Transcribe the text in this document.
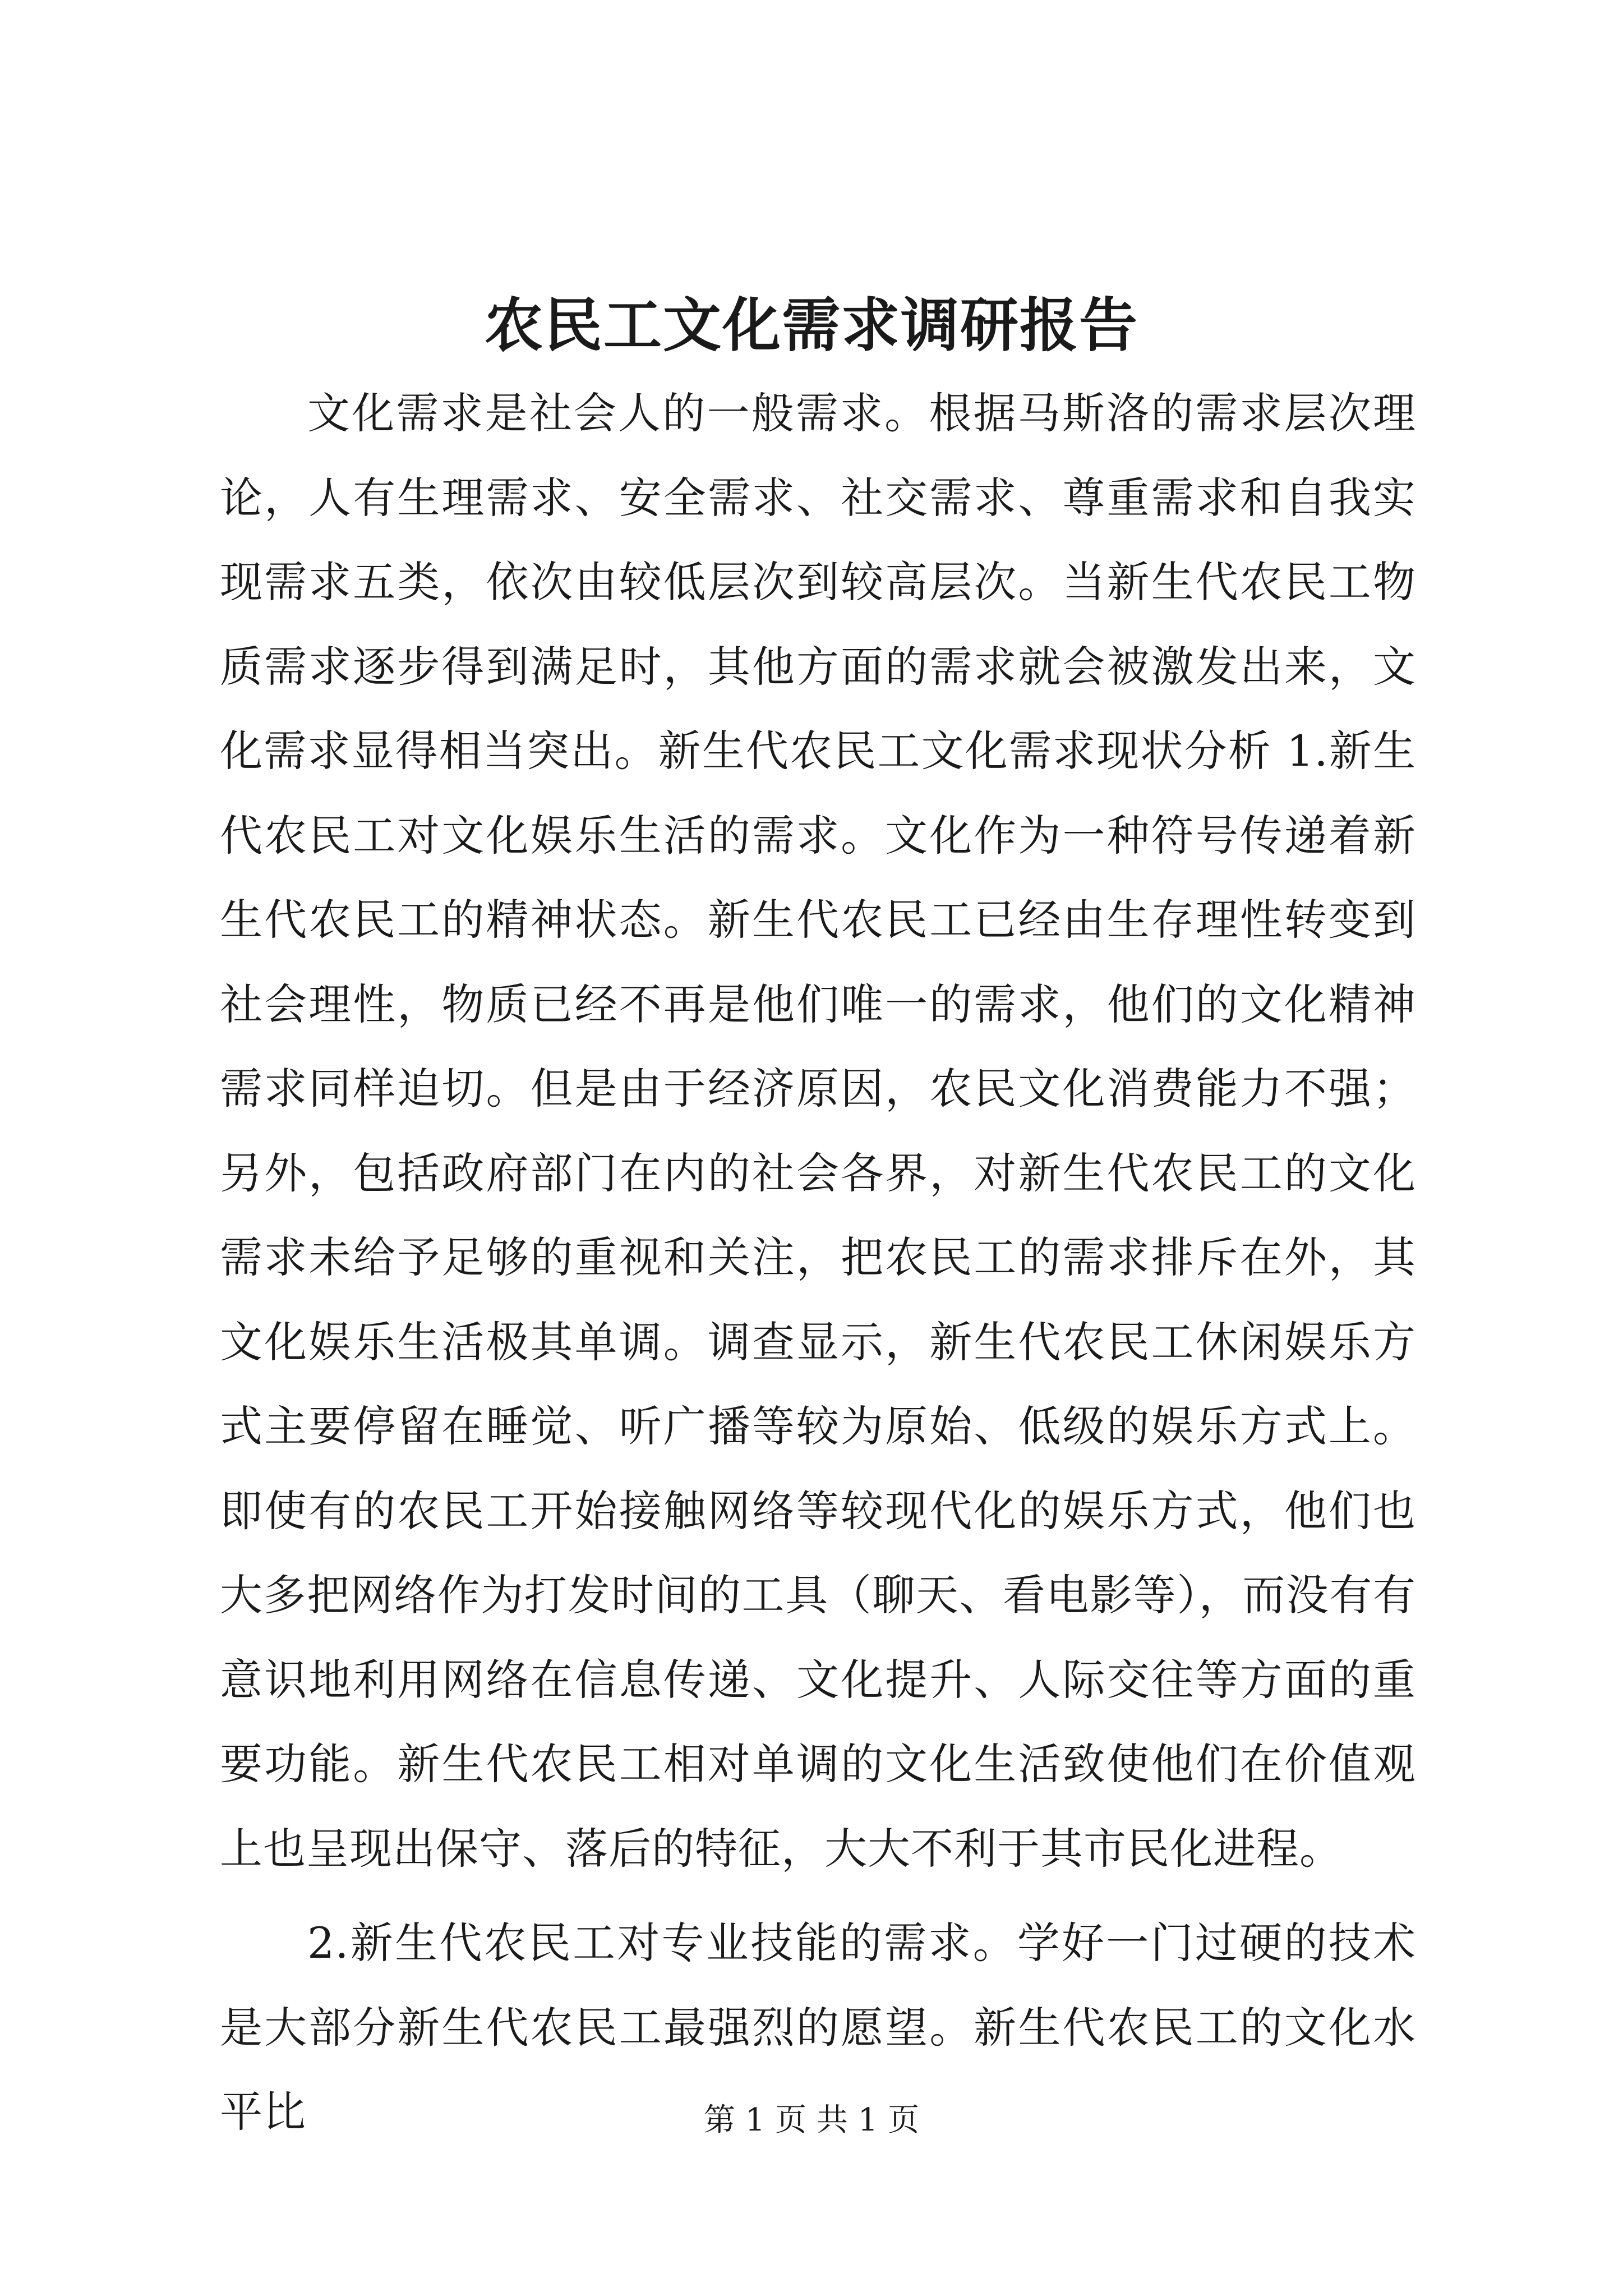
农民工文化需求调研报告

文化需求是社会人的一般需求。根据马斯洛的需求层次理论，人有生理需求、安全需求、社交需求、尊重需求和自我实现需求五类，依次由较低层次到较高层次。当新生代农民工物质需求逐步得到满足时，其他方面的需求就会被激发出来，文化需求显得相当突出。新生代农民工文化需求现状分析 1.新生代农民工对文化娱乐生活的需求。文化作为一种符号传递着新生代农民工的精神状态。新生代农民工已经由生存理性转变到社会理性，物质已经不再是他们唯一的需求，他们的文化精神需求同样迫切。但是由于经济原因，农民文化消费能力不强；另外，包括政府部门在内的社会各界，对新生代农民工的文化需求未给予足够的重视和关注，把农民工的需求排斥在外，其文化娱乐生活极其单调。调查显示，新生代农民工休闲娱乐方式主要停留在睡觉、听广播等较为原始、低级的娱乐方式上。即使有的农民工开始接触网络等较现代化的娱乐方式，他们也大多把网络作为打发时间的工具（聊天、看电影等），而没有有意识地利用网络在信息传递、文化提升、人际交往等方面的重要功能。新生代农民工相对单调的文化生活致使他们在价值观上也呈现出保守、落后的特征，大大不利于其市民化进程。

2.新生代农民工对专业技能的需求。学好一门过硬的技术是大部分新生代农民工最强烈的愿望。新生代农民工的文化水平比	第 1 页 共 1 页
